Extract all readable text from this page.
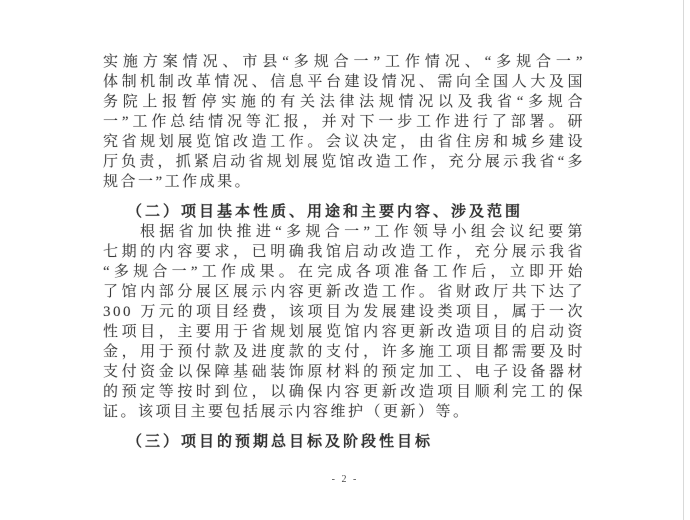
实施方案情况、市县“多规合一”工作情况、“多规合一”
体制机制改革情况、信息平台建设情况、需向全国人大及国
务院上报暂停实施的有关法律法规情况以及我省“多规合
一”工作总结情况等汇报，并对下一步工作进行了部署。研
究省规划展览馆改造工作。会议决定，由省住房和城乡建设
厅负责，抓紧启动省规划展览馆改造工作，充分展示我省“多
规合一”工作成果。
（二）项目基本性质、用途和主要内容、涉及范围
根据省加快推进“多规合一”工作领导小组会议纪要第
七期的内容要求，已明确我馆启动改造工作，充分展示我省
“多规合一”工作成果。在完成各项准备工作后，立即开始
了馆内部分展区展示内容更新改造工作。省财政厅共下达了
300 万元的项目经费，该项目为发展建设类项目，属于一次
性项目，主要用于省规划展览馆内容更新改造项目的启动资
金，用于预付款及进度款的支付，许多施工项目都需要及时
支付资金以保障基础装饰原材料的预定加工、电子设备器材
的预定等按时到位，以确保内容更新改造项目顺利完工的保
证。该项目主要包括展示内容维护（更新）等。
（三）项目的预期总目标及阶段性目标
- 2 -
